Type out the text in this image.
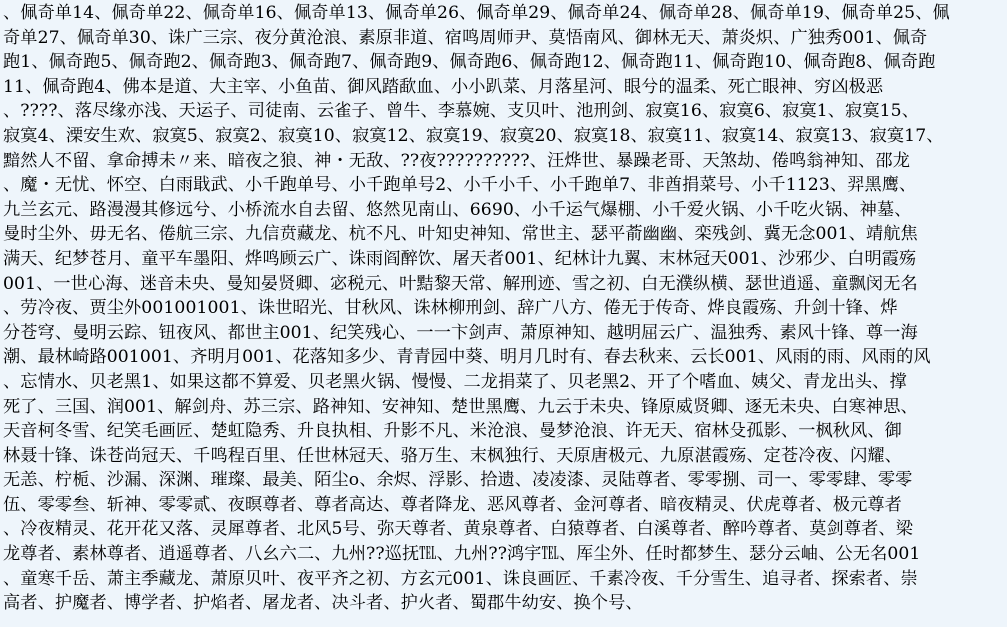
、佩奇单14、佩奇单22、佩奇单16、佩奇单13、佩奇单26、佩奇单29、佩奇单24、佩奇单28、佩奇单19、佩奇单25、佩
奇单27、佩奇单30、诛广三宗、夜分黄沧浪、素原非道、宿鸣周师尹、莫悟南风、御林无天、萧炎炽、广独秀001、佩奇
跑1、佩奇跑5、佩奇跑2、佩奇跑3、佩奇跑7、佩奇跑9、佩奇跑6、佩奇跑12、佩奇跑11、佩奇跑10、佩奇跑8、佩奇跑
11、佩奇跑4、佛本是道、大主宰、小鱼苗、御风踏歃血、小小趴菜、月落星河、眼兮的温柔、死亡眼神、穷凶极恶
、????、落尽缘亦浅、天运子、司徒南、云雀子、曾牛、李慕婉、支贝叶、池刑剑、寂寞16、寂寞6、寂寞1、寂寞15、
寂寞4、溧安生欢、寂寞5、寂寞2、寂寞10、寂寞12、寂寞19、寂寞20、寂寞18、寂寞11、寂寞14、寂寞13、寂寞17、
黯然人不留、拿命搏未〃来、暗夜之狼、神・无敌、??夜??????????、汪烨世、暴躁老哥、天煞劫、倦鸣翁神知、邵龙
、魔・无忧、怀空、白雨戢武、小千跑单号、小千跑单号2、小千小千、小千跑单7、非酋捐菜号、小千1123、羿黑鹰、
九兰玄元、路漫漫其修远兮、小桥流水自去留、悠然见南山、6690、小千运气爆棚、小千爱火锅、小千吃火锅、神墓、
曼时尘外、毋无名、倦航三宗、九信贲藏龙、杭不凡、叶知史神知、常世主、瑟平萮幽幽、栾残剑、冀无念001、靖航焦
满天、纪梦苍月、童平车墨阳、烨鸣顾云广、诛雨阎醉饮、屠天者001、纪林计九翼、末林冠天001、沙邪少、白明霞殇
001、一世心海、迷音未央、曼知晏贤卿、宓税元、叶黠黎天常、解刑迹、雪之初、白无濮纵横、瑟世逍遥、童飘闵无名
、劳冷夜、贾尘外001001001、诛世昭光、甘秋风、诛林柳刑剑、辞广八方、倦无于传奇、烨良霞殇、升剑十锋、烨
分苍穹、曼明云踪、钮夜风、都世主001、纪笑残心、一一卞剑声、萧原神知、越明屈云广、温独秀、素风十锋、尊一海
潮、最林崎路001001、齐明月001、花落知多少、青青园中葵、明月几时有、春去秋来、云长001、风雨的雨、风雨的风
、忘情水、贝老黑1、如果这都不算爱、贝老黑火锅、慢慢、二龙捐菜了、贝老黑2、开了个嗜血、姨父、青龙出头、撑
死了、三国、润001、解剑舟、苏三宗、路神知、安神知、楚世黑鹰、九云于未央、锋原威贤卿、逐无未央、白寒神思、
天音柯冬雪、纪笑毛画匠、楚虹隐秀、升良执相、升影不凡、米沧浪、曼梦沧浪、许无天、宿林殳孤影、一枫秋风、御
林聂十锋、诛苍尚冠天、千鸣程百里、任世林冠天、骆万生、末枫独行、天原唐极元、九原湛霞殇、定苍冷夜、闪耀、
无恙、柠栀、沙漏、深渊、璀璨、最美、陌尘o、余烬、浮影、拾遗、凌凌漆、灵陆尊者、零零捌、司一、零零肆、零零
伍、零零叁、斩神、零零贰、夜暝尊者、尊者高达、尊者降龙、恶风尊者、金河尊者、暗夜精灵、伏虎尊者、极元尊者
、冷夜精灵、花开花又落、灵犀尊者、北风5号、弥天尊者、黄泉尊者、白猿尊者、白溪尊者、醉吟尊者、莫剑尊者、梁
龙尊者、素林尊者、逍遥尊者、八幺六二、九州??巡抚℡、九州??鸿宇℡、厍尘外、任时都梦生、瑟分云岫、公无名001
、童寒千岳、萧主季藏龙、萧原贝叶、夜平齐之初、方玄元001、诛良画匠、千素冷夜、千分雪生、追寻者、探索者、崇
高者、护魔者、博学者、护焰者、屠龙者、决斗者、护火者、蜀郡牛幼安、换个号、
